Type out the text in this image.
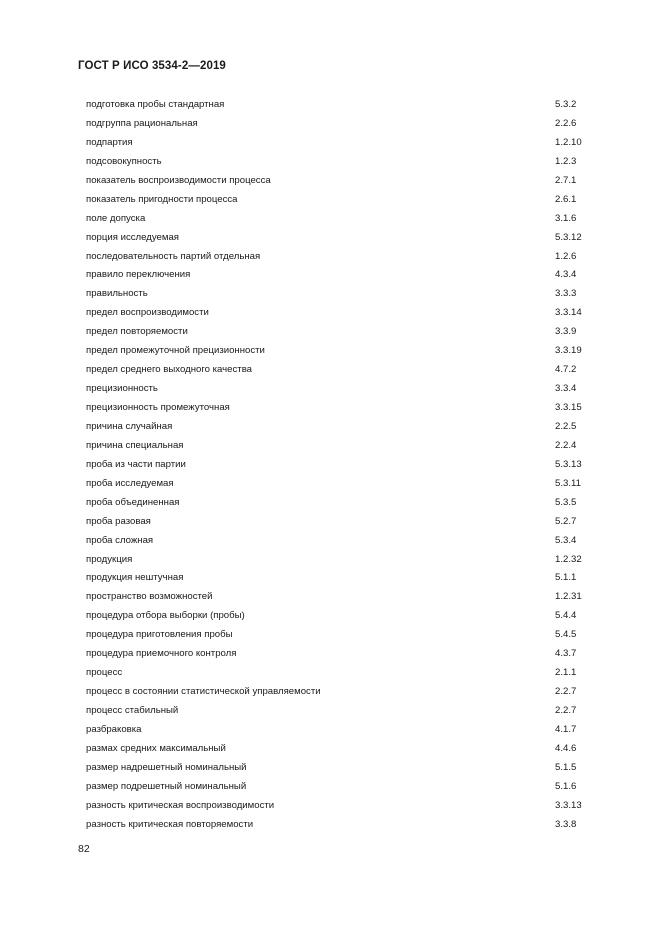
ГОСТ Р ИСО 3534-2—2019
подготовка пробы стандартная	5.3.2
подгруппа рациональная	2.2.6
подпартия	1.2.10
подсовокупность	1.2.3
показатель воспроизводимости процесса	2.7.1
показатель пригодности процесса	2.6.1
поле допуска	3.1.6
порция исследуемая	5.3.12
последовательность партий отдельная	1.2.6
правило переключения	4.3.4
правильность	3.3.3
предел воспроизводимости	3.3.14
предел повторяемости	3.3.9
предел промежуточной прецизионности	3.3.19
предел среднего выходного качества	4.7.2
прецизионность	3.3.4
прецизионность промежуточная	3.3.15
причина случайная	2.2.5
причина специальная	2.2.4
проба из части партии	5.3.13
проба исследуемая	5.3.11
проба объединенная	5.3.5
проба разовая	5.2.7
проба сложная	5.3.4
продукция	1.2.32
продукция нештучная	5.1.1
пространство возможностей	1.2.31
процедура отбора выборки (пробы)	5.4.4
процедура приготовления пробы	5.4.5
процедура приемочного контроля	4.3.7
процесс	2.1.1
процесс в состоянии статистической управляемости	2.2.7
процесс стабильный	2.2.7
разбраковка	4.1.7
размах средних максимальный	4.4.6
размер надрешетный номинальный	5.1.5
размер подрешетный номинальный	5.1.6
разность критическая воспроизводимости	3.3.13
разность критическая повторяемости	3.3.8
82
